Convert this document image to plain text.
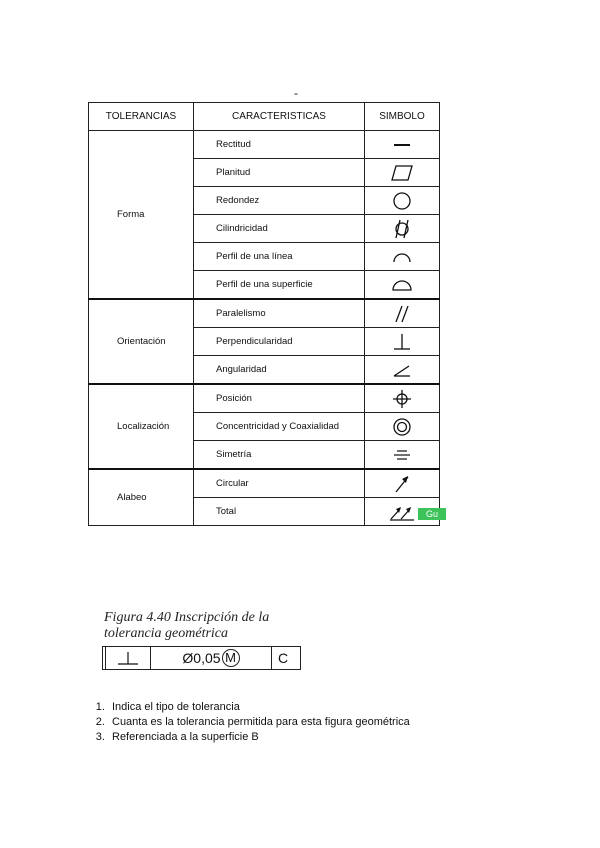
-
TOLERANCIAS	CARACTERISTICAS	SIMBOLO
Forma	Rectitud	

	Planitud	

	Redondez	

	Cilindricidad	

	Perfil de una línea	

	Perfil de una superficie	

Orientación	Paralelismo	

	Perpendicularidad	

	Angularidad	

Localización	Posición	

	Concentricidad y Coaxialidad	

	Simetría	

Alabeo	Circular	

	Total		Gu
Figura 4.40 Inscripción de la
tolerancia geométrica
Ø0,05 M	C
1. Indica el tipo de tolerancia
2. Cuanta es la tolerancia permitida para esta figura geométrica
3. Referenciada a la superficie B
